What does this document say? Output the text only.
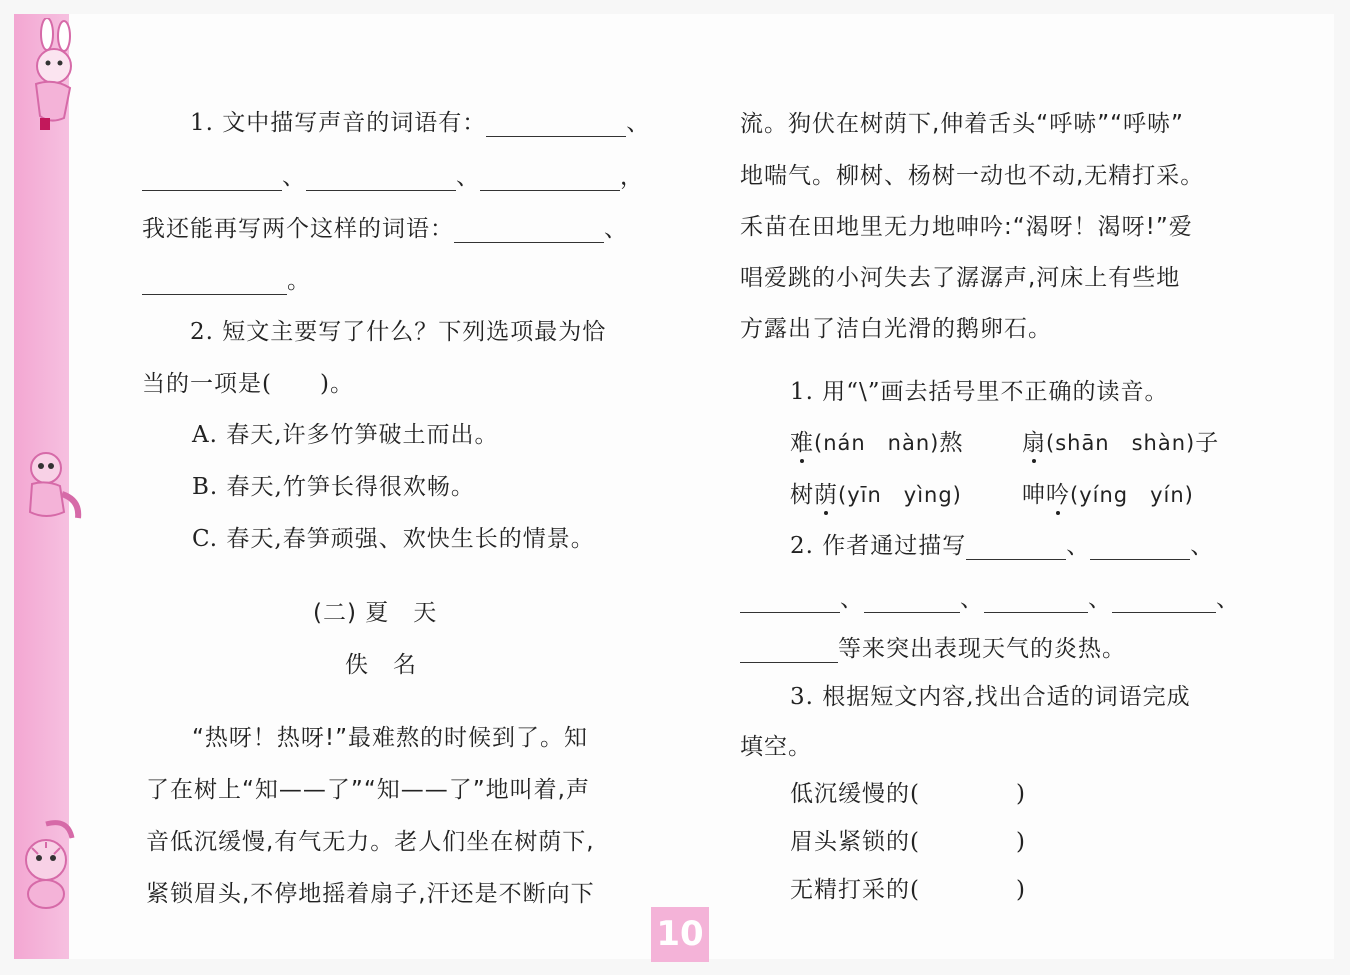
1. 文中描写声音的词语有：	、
、	、	，
我还能再写两个这样的词语：	、
。
2. 短文主要写了什么？下列选项最为恰
当的一项是(　　)。
A. 春天,许多竹笋破土而出。
B. 春天,竹笋长得很欢畅。
C. 春天,春笋顽强、欢快生长的情景。
(二) 夏　天
佚　名
“热呀！热呀!”最难熬的时候到了。知
了在树上“知——了”“知——了”地叫着,声
音低沉缓慢,有气无力。老人们坐在树荫下,
紧锁眉头,不停地摇着扇子,汗还是不断向下
流。狗伏在树荫下,伸着舌头“呼哧”“呼哧”
地喘气。柳树、杨树一动也不动,无精打采。
禾苗在田地里无力地呻吟:“渴呀！渴呀!”爱
唱爱跳的小河失去了潺潺声,河床上有些地
方露出了洁白光滑的鹅卵石。
1. 用“\”画去括号里不正确的读音。
难(nán　nàn)熬	扇(shān　shàn)子
树荫(yīn　yìng)	呻吟(yíng　yín)
2. 作者通过描写	、	、
、	、	、	、
等来突出表现天气的炎热。
3. 根据短文内容,找出合适的词语完成
填空。
低沉缓慢的(　　　　)
眉头紧锁的(　　　　)
无精打采的(　　　　)
10
